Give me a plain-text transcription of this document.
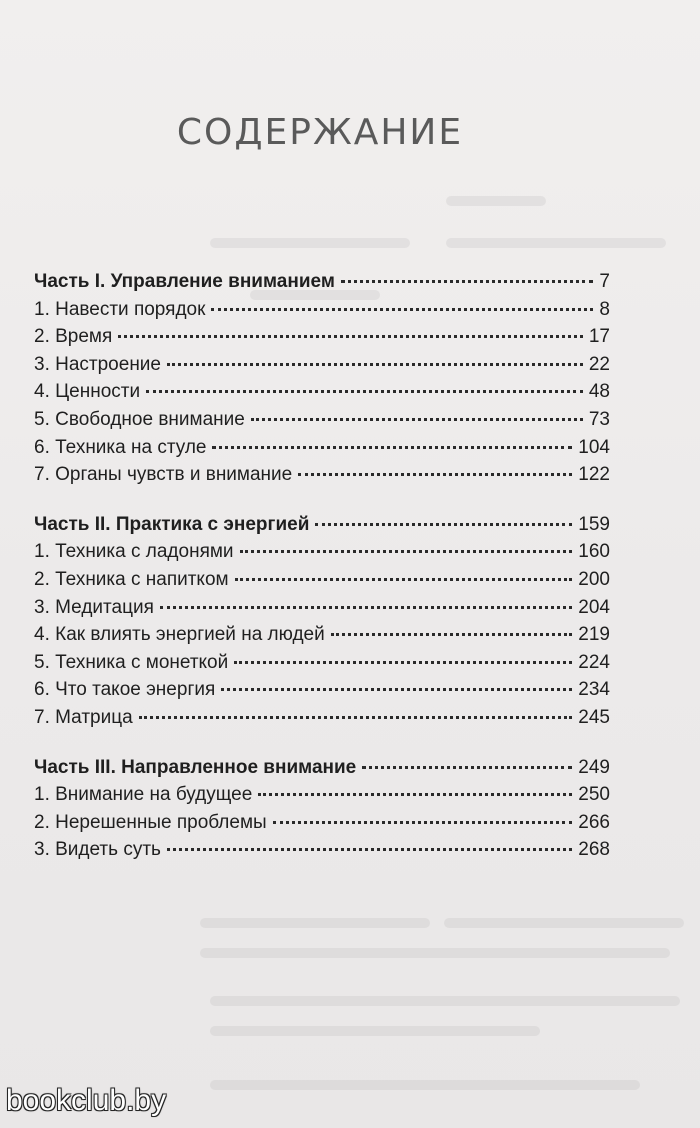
СОДЕРЖАНИЕ
Часть I. Управление вниманием	7
1. Навести порядок	8
2. Время	17
3. Настроение	22
4. Ценности	48
5. Свободное внимание	73
6. Техника на стуле	104
7. Органы чувств и внимание	122
Часть II. Практика с энергией	159
1. Техника с ладонями	160
2. Техника с напитком	200
3. Медитация	204
4. Как влиять энергией на людей	219
5. Техника с монеткой	224
6. Что такое энергия	234
7. Матрица	245
Часть III. Направленное внимание	249
1. Внимание на будущее	250
2. Нерешенные проблемы	266
3. Видеть суть	268
bookclub.by
